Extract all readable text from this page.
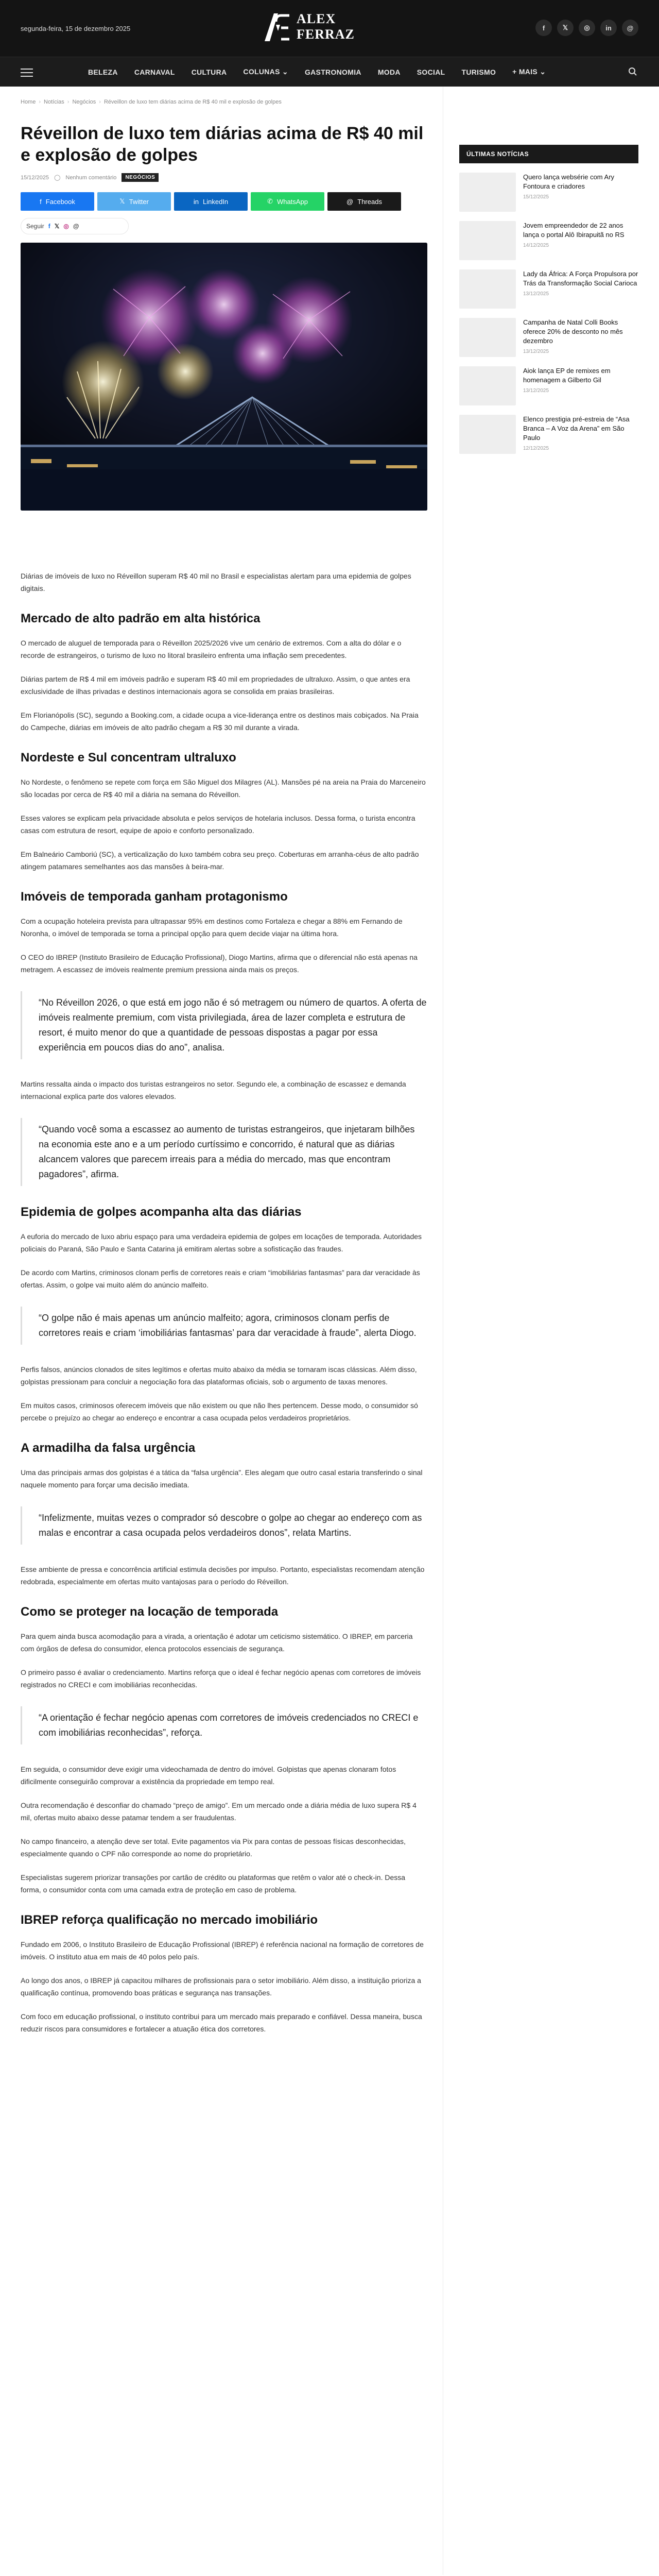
segunda-feira, 15 de dezembro 2025
ALEX
FERRAZ	f	𝕏	◎	in	@
BELEZA	CARNAVAL	CULTURA	COLUNAS ⌄	GASTRONOMIA	MODA	SOCIAL	TURISMO	+ MAIS ⌄
Home › Notícias › Negócios › Réveillon de luxo tem diárias acima de R$ 40 mil e explosão de golpes
Réveillon de luxo tem diárias acima de R$ 40 mil e explosão de golpes
15/12/2025 ◯ Nenhum comentário	NEGÓCIOS
f Facebook	𝕏 Twitter	in LinkedIn	✆ WhatsApp	@ Threads
Seguir f 𝕏 ◎ @

Diárias de imóveis de luxo no Réveillon superam R$ 40 mil no Brasil e especialistas alertam para uma epidemia de golpes digitais.

Mercado de alto padrão em alta histórica

O mercado de aluguel de temporada para o Réveillon 2025/2026 vive um cenário de extremos. Com a alta do dólar e o recorde de estrangeiros, o turismo de luxo no litoral brasileiro enfrenta uma inflação sem precedentes.

Diárias partem de R$ 4 mil em imóveis padrão e superam R$ 40 mil em propriedades de ultraluxo. Assim, o que antes era exclusividade de ilhas privadas e destinos internacionais agora se consolida em praias brasileiras.

Em Florianópolis (SC), segundo a Booking.com, a cidade ocupa a vice-liderança entre os destinos mais cobiçados. Na Praia do Campeche, diárias em imóveis de alto padrão chegam a R$ 30 mil durante a virada.

Nordeste e Sul concentram ultraluxo

No Nordeste, o fenômeno se repete com força em São Miguel dos Milagres (AL). Mansões pé na areia na Praia do Marceneiro são locadas por cerca de R$ 40 mil a diária na semana do Réveillon.

Esses valores se explicam pela privacidade absoluta e pelos serviços de hotelaria inclusos. Dessa forma, o turista encontra casas com estrutura de resort, equipe de apoio e conforto personalizado.

Em Balneário Camboriú (SC), a verticalização do luxo também cobra seu preço. Coberturas em arranha-céus de alto padrão atingem patamares semelhantes aos das mansões à beira-mar.

Imóveis de temporada ganham protagonismo

Com a ocupação hoteleira prevista para ultrapassar 95% em destinos como Fortaleza e chegar a 88% em Fernando de Noronha, o imóvel de temporada se torna a principal opção para quem decide viajar na última hora.

O CEO do IBREP (Instituto Brasileiro de Educação Profissional), Diogo Martins, afirma que o diferencial não está apenas na metragem. A escassez de imóveis realmente premium pressiona ainda mais os preços.

“No Réveillon 2026, o que está em jogo não é só metragem ou número de quartos. A oferta de imóveis realmente premium, com vista privilegiada, área de lazer completa e estrutura de resort, é muito menor do que a quantidade de pessoas dispostas a pagar por essa experiência em poucos dias do ano”, analisa.

Martins ressalta ainda o impacto dos turistas estrangeiros no setor. Segundo ele, a combinação de escassez e demanda internacional explica parte dos valores elevados.

“Quando você soma a escassez ao aumento de turistas estrangeiros, que injetaram bilhões na economia este ano e a um período curtíssimo e concorrido, é natural que as diárias alcancem valores que parecem irreais para a média do mercado, mas que encontram pagadores”, afirma.
Epidemia de golpes acompanha alta das diárias

A euforia do mercado de luxo abriu espaço para uma verdadeira epidemia de golpes em locações de temporada. Autoridades policiais do Paraná, São Paulo e Santa Catarina já emitiram alertas sobre a sofisticação das fraudes.

De acordo com Martins, criminosos clonam perfis de corretores reais e criam “imobiliárias fantasmas” para dar veracidade às ofertas. Assim, o golpe vai muito além do anúncio malfeito.

“O golpe não é mais apenas um anúncio malfeito; agora, criminosos clonam perfis de corretores reais e criam ‘imobiliárias fantasmas’ para dar veracidade à fraude”, alerta Diogo.

Perfis falsos, anúncios clonados de sites legítimos e ofertas muito abaixo da média se tornaram iscas clássicas. Além disso, golpistas pressionam para concluir a negociação fora das plataformas oficiais, sob o argumento de taxas menores.

Em muitos casos, criminosos oferecem imóveis que não existem ou que não lhes pertencem. Desse modo, o consumidor só percebe o prejuízo ao chegar ao endereço e encontrar a casa ocupada pelos verdadeiros proprietários.

A armadilha da falsa urgência

Uma das principais armas dos golpistas é a tática da “falsa urgência”. Eles alegam que outro casal estaria transferindo o sinal naquele momento para forçar uma decisão imediata.

“Infelizmente, muitas vezes o comprador só descobre o golpe ao chegar ao endereço com as malas e encontrar a casa ocupada pelos verdadeiros donos”, relata Martins.

Esse ambiente de pressa e concorrência artificial estimula decisões por impulso. Portanto, especialistas recomendam atenção redobrada, especialmente em ofertas muito vantajosas para o período do Réveillon.

Como se proteger na locação de temporada

Para quem ainda busca acomodação para a virada, a orientação é adotar um ceticismo sistemático. O IBREP, em parceria com órgãos de defesa do consumidor, elenca protocolos essenciais de segurança.

O primeiro passo é avaliar o credenciamento. Martins reforça que o ideal é fechar negócio apenas com corretores de imóveis registrados no CRECI e com imobiliárias reconhecidas.

“A orientação é fechar negócio apenas com corretores de imóveis credenciados no CRECI e com imobiliárias reconhecidas”, reforça.

Em seguida, o consumidor deve exigir uma videochamada de dentro do imóvel. Golpistas que apenas clonaram fotos dificilmente conseguirão comprovar a existência da propriedade em tempo real.

Outra recomendação é desconfiar do chamado “preço de amigo”. Em um mercado onde a diária média de luxo supera R$ 4 mil, ofertas muito abaixo desse patamar tendem a ser fraudulentas.

No campo financeiro, a atenção deve ser total. Evite pagamentos via Pix para contas de pessoas físicas desconhecidas, especialmente quando o CPF não corresponde ao nome do proprietário.

Especialistas sugerem priorizar transações por cartão de crédito ou plataformas que retêm o valor até o check-in. Dessa forma, o consumidor conta com uma camada extra de proteção em caso de problema.

IBREP reforça qualificação no mercado imobiliário

Fundado em 2006, o Instituto Brasileiro de Educação Profissional (IBREP) é referência nacional na formação de corretores de imóveis. O instituto atua em mais de 40 polos pelo país.

Ao longo dos anos, o IBREP já capacitou milhares de profissionais para o setor imobiliário. Além disso, a instituição prioriza a qualificação contínua, promovendo boas práticas e segurança nas transações.

Com foco em educação profissional, o instituto contribui para um mercado mais preparado e confiável. Dessa maneira, busca reduzir riscos para consumidores e fortalecer a atuação ética dos corretores.

ÚLTIMAS NOTÍCIAS
Quero lança websérie com Ary Fontoura e criadores
15/12/2025
Jovem empreendedor de 22 anos lança o portal Alô Ibirapuitã no RS
14/12/2025
Lady da África: A Força Propulsora por Trás da Transformação Social Carioca
13/12/2025
Campanha de Natal Colli Books oferece 20% de desconto no mês dezembro
13/12/2025
Aiok lança EP de remixes em homenagem a Gilberto Gil
13/12/2025
Elenco prestigia pré-estreia de “Asa Branca – A Voz da Arena” em São Paulo
12/12/2025
